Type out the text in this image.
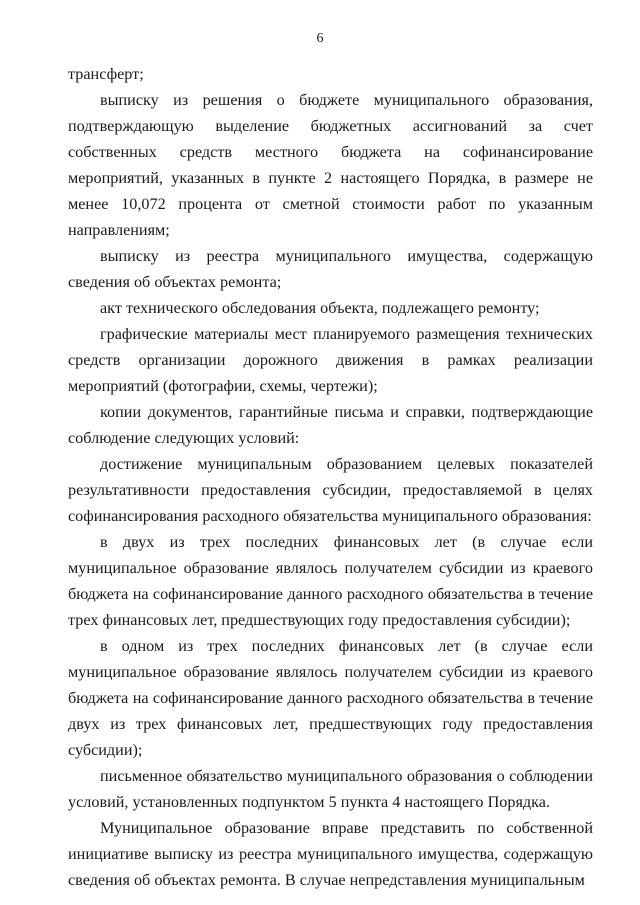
6

трансферт;

выписку из решения о бюджете муниципального образования, подтверждающую выделение бюджетных ассигнований за счет собственных средств местного бюджета на софинансирование мероприятий, указанных в пункте 2 настоящего Порядка, в размере не менее 10,072 процента от сметной стоимости работ по указанным направлениям;

выписку из реестра муниципального имущества, содержащую сведения об объектах ремонта;

акт технического обследования объекта, подлежащего ремонту;

графические материалы мест планируемого размещения технических средств организации дорожного движения в рамках реализации мероприятий (фотографии, схемы, чертежи);

копии документов, гарантийные письма и справки, подтверждающие соблюдение следующих условий:

достижение муниципальным образованием целевых показателей результативности предоставления субсидии, предоставляемой в целях софинансирования расходного обязательства муниципального образования:

в двух из трех последних финансовых лет (в случае если муниципальное образование являлось получателем субсидии из краевого бюджета на софинансирование данного расходного обязательства в течение трех финансовых лет, предшествующих году предоставления субсидии);

в одном из трех последних финансовых лет (в случае если муниципальное образование являлось получателем субсидии из краевого бюджета на софинансирование данного расходного обязательства в течение двух из трех финансовых лет, предшествующих году предоставления субсидии);

письменное обязательство муниципального образования о соблюдении условий, установленных подпунктом 5 пункта 4 настоящего Порядка.

Муниципальное образование вправе представить по собственной инициативе выписку из реестра муниципального имущества, содержащую сведения об объектах ремонта. В случае непредставления муниципальным
